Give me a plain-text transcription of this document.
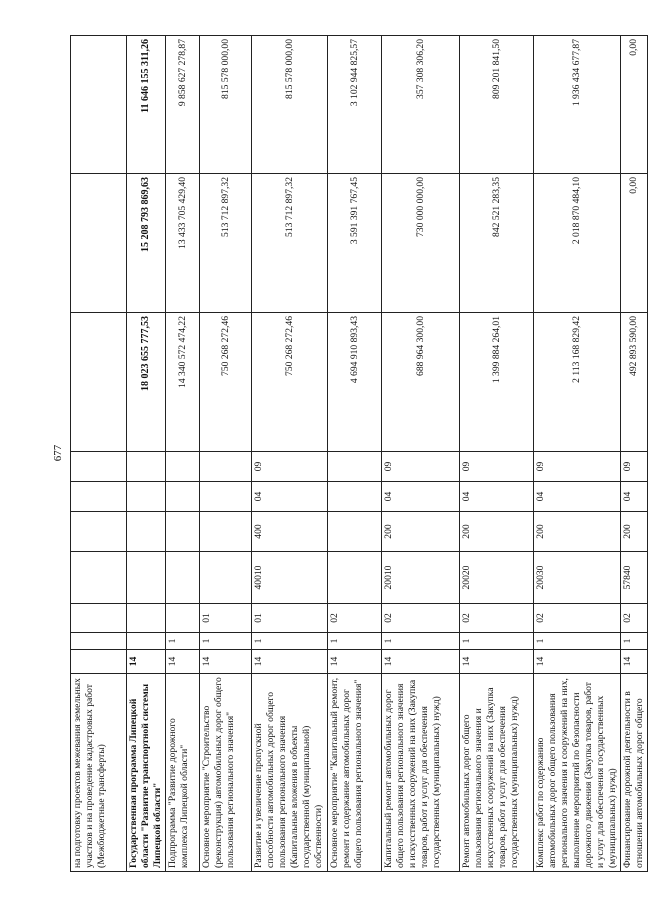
677
на подготовку проектов межевания земельных участков и на проведение кадастровых работ (Межбюджетные трансферты)										
Государственная программа Липецкой области "Развитие транспортной системы Липецкой области"	14							18 023 655 777,53	15 208 793 869,63	11 646 155 311,26
Подпрограмма "Развитие дорожного комплекса Липецкой области"	14	1						14 340 572 474,22	13 433 705 429,40	9 858 627 278,87
Основное мероприятие "Строительство (реконструкция) автомобильных дорог общего пользования регионального значения"	14	1	01					750 268 272,46	513 712 897,32	815 578 000,00
Развитие и увеличение пропускной способности автомобильных дорог общего пользования регионального значения (Капитальные вложения в объекты государственной (муниципальной) собственности)	14	1	01	40010	400	04	09	750 268 272,46	513 712 897,32	815 578 000,00
Основное мероприятие "Капитальный ремонт, ремонт и содержание автомобильных дорог общего пользования регионального значения"	14	1	02					4 694 910 893,43	3 591 391 767,45	3 102 944 825,57
Капитальный ремонт автомобильных дорог общего пользования регионального значения и искусственных сооружений на них (Закупка товаров, работ и услуг для обеспечения государственных (муниципальных) нужд)	14	1	02	20010	200	04	09	688 964 300,00	730 000 000,00	357 308 306,20
Ремонт автомобильных дорог общего пользования регионального значения и искусственных сооружений на них (Закупка товаров, работ и услуг для обеспечения государственных (муниципальных) нужд)	14	1	02	20020	200	04	09	1 399 884 264,01	842 521 283,35	809 201 841,50
Комплекс работ по содержанию автомобильных дорог общего пользования регионального значения и сооружений на них, выполнение мероприятий по безопасности дорожного движения (Закупка товаров, работ и услуг для обеспечения государственных (муниципальных) нужд)	14	1	02	20030	200	04	09	2 113 168 829,42	2 018 870 484,10	1 936 434 677,87
Финансирование дорожной деятельности в отношении автомобильных дорог общего	14	1	02	57840	200	04	09	492 893 590,00	0,00	0,00
